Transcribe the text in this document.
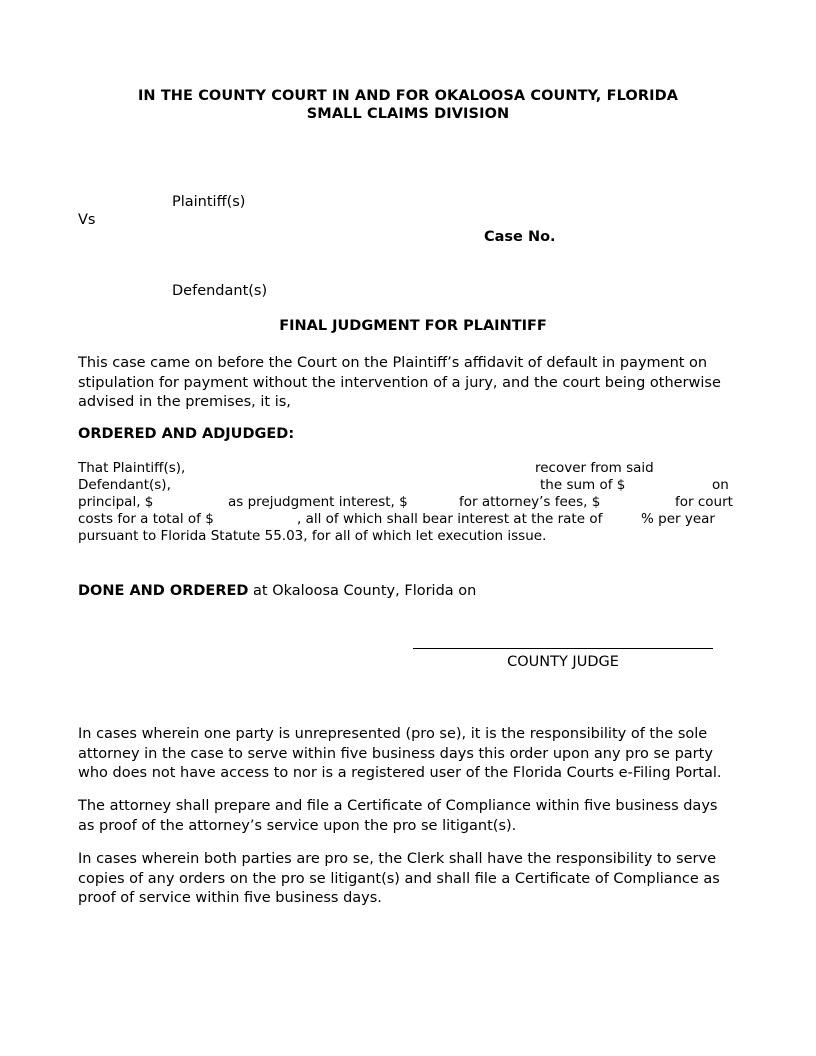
IN THE COUNTY COURT IN AND FOR OKALOOSA COUNTY, FLORIDA
SMALL CLAIMS DIVISION
Plaintiff(s)
Vs
Case No.
Defendant(s)
FINAL JUDGMENT FOR PLAINTIFF
This case came on before the Court on the Plaintiff’s affidavit of default in payment on stipulation for payment without the intervention of a jury, and the court being otherwise advised in the premises, it is,
ORDERED AND ADJUDGED:

That Plaintiff(s),

	recover from said

Defendant(s),

	the sum of $

	on

principal, $

	as prejudgment interest, $

	for attorney’s fees, $

	for court

costs for a total of $

	, all of which shall bear interest at the rate of

	% per year

pursuant to Florida Statute 55.03, for all of which let execution issue.

DONE AND ORDERED at Okaloosa County, Florida on
COUNTY JUDGE
In cases wherein one party is unrepresented (pro se), it is the responsibility of the sole attorney in the case to serve within five business days this order upon any pro se party who does not have access to nor is a registered user of the Florida Courts e-Filing Portal.
The attorney shall prepare and file a Certificate of Compliance within five business days as proof of the attorney’s service upon the pro se litigant(s).
In cases wherein both parties are pro se, the Clerk shall have the responsibility to serve copies of any orders on the pro se litigant(s) and shall file a Certificate of Compliance as proof of service within five business days.
